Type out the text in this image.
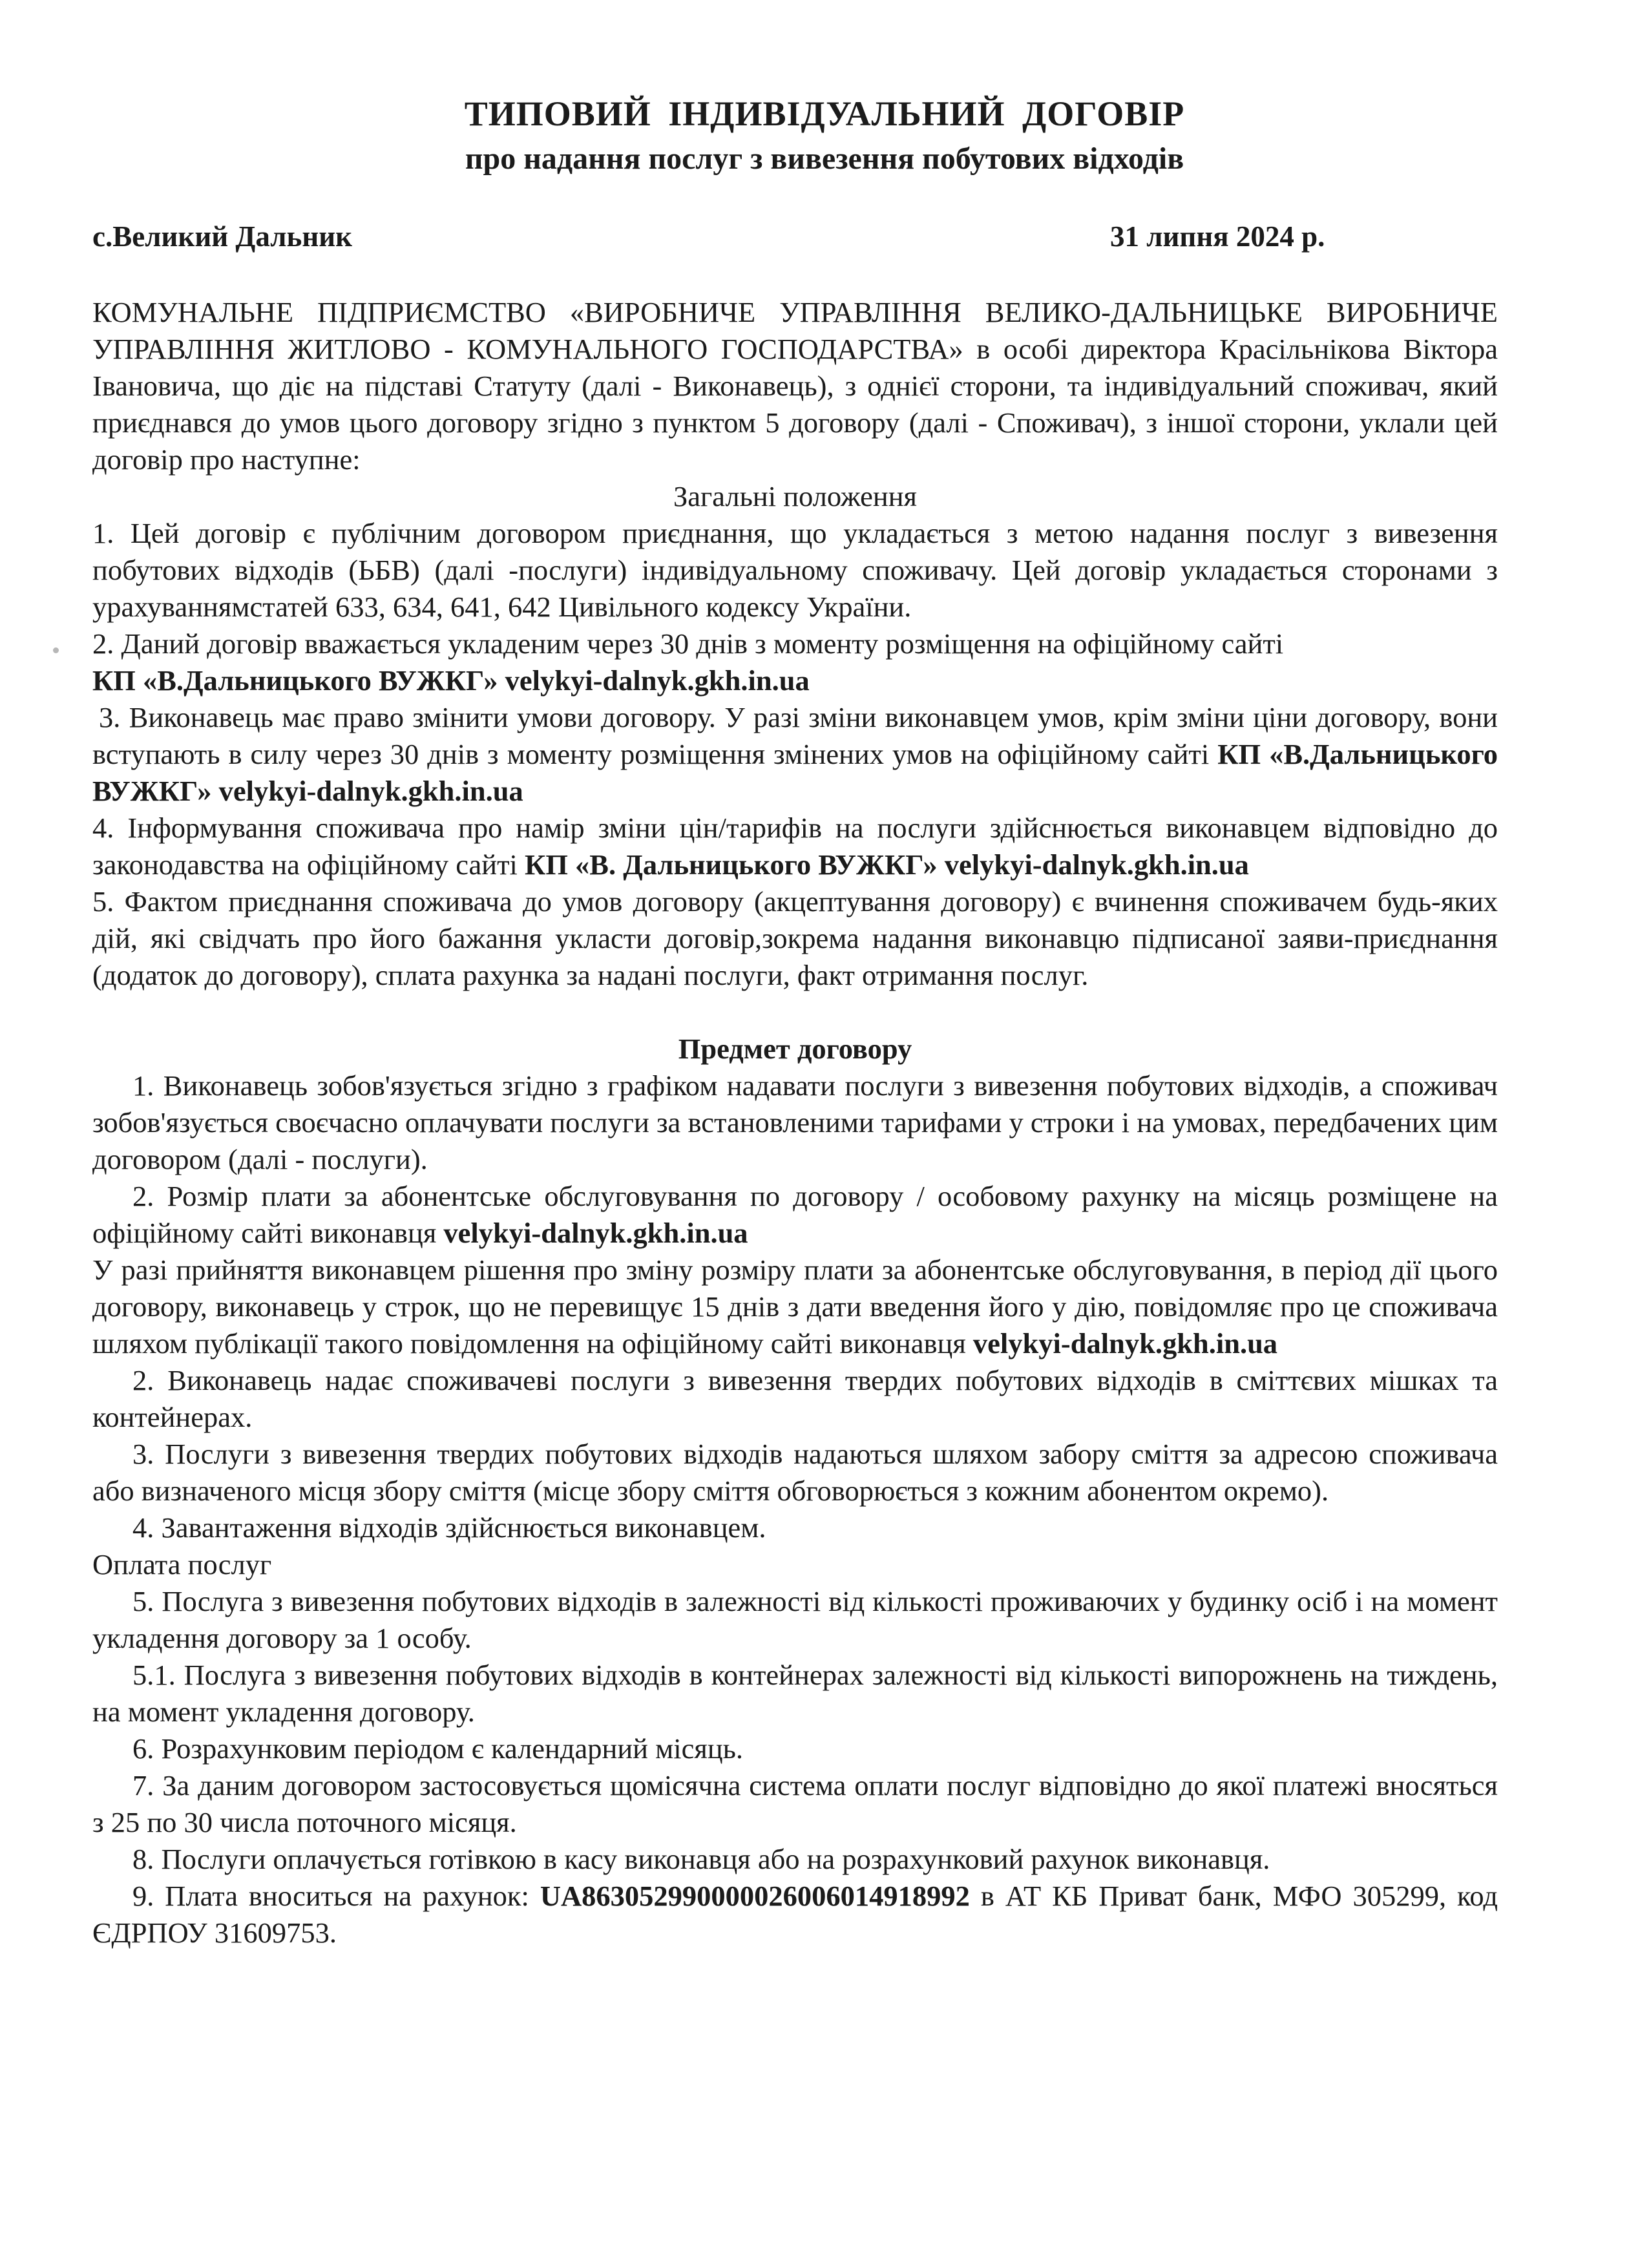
ТИПОВИЙ ІНДИВІДУАЛЬНИЙ ДОГОВІР
про надання послуг з вивезення побутових відходів
с.Великий Дальник	31 липня 2024 р.

КОМУНАЛЬНЕ ПІДПРИЄМСТВО «ВИРОБНИЧЕ УПРАВЛІННЯ ВЕЛИКО-ДАЛЬНИЦЬКЕ ВИРОБНИЧЕ УПРАВЛІННЯ ЖИТЛОВО - КОМУНАЛЬНОГО ГОСПОДАРСТВА» в особі директора Красільнікова Віктора Івановича, що діє на підставі Статуту (далі - Виконавець), з однієї сторони, та індивідуальний споживач, який приєднався до умов цього договору згідно з пунктом 5 договору (далі - Споживач), з іншої сторони, уклали цей договір про наступне:

Загальні положення

1. Цей договір є публічним договором приєднання, що укладається з метою надання послуг з вивезення побутових відходів (ЬБВ) (далі -послуги) індивідуальному споживачу. Цей договір укладається сторонами з урахуваннямстатей 633, 634, 641, 642 Цивільного кодексу України.

2. Даний договір вважається укладеним через 30 днів з моменту розміщення на офіційному сайті
КП «В.Дальницького ВУЖКГ» velykyi-dalnyk.gkh.in.ua

3. Виконавець має право змінити умови договору. У разі зміни виконавцем умов, крім зміни ціни договору, вони вступають в силу через 30 днів з моменту розміщення змінених умов на офіційному сайті КП «В.Дальницького ВУЖКГ» velykyi-dalnyk.gkh.in.ua

4. Інформування споживача про намір зміни цін/тарифів на послуги здійснюється виконавцем відповідно до законодавства на офіційному сайті КП «В. Дальницького ВУЖКГ» velykyi-dalnyk.gkh.in.ua

5. Фактом приєднання споживача до умов договору (акцептування договору) є вчинення споживачем будь-яких дій, які свідчать про його бажання укласти договір,зокрема надання виконавцю підписаної заяви-приєднання (додаток до договору), сплата рахунка за надані послуги, факт отримання послуг.

Предмет договору

1. Виконавець зобов'язується згідно з графіком надавати послуги з вивезення побутових відходів, а споживач зобов'язується своєчасно оплачувати послуги за встановленими тарифами у строки і на умовах, передбачених цим договором (далі - послуги).

2. Розмір плати за абонентське обслуговування по договору / особовому рахунку на місяць розміщене на офіційному сайті виконавця velykyi-dalnyk.gkh.in.ua

У разі прийняття виконавцем рішення про зміну розміру плати за абонентське обслуговування, в період дії цього договору, виконавець у строк, що не перевищує 15 днів з дати введення його у дію, повідомляє про це споживача шляхом публікації такого повідомлення на офіційному сайті виконавця velykyi-dalnyk.gkh.in.ua

2. Виконавець надає споживачеві послуги з вивезення твердих побутових відходів в сміттєвих мішках та контейнерах.

3. Послуги з вивезення твердих побутових відходів надаються шляхом забору сміття за адресою споживача або визначеного місця збору сміття (місце збору сміття обговорюється з кожним абонентом окремо).

4. Завантаження відходів здійснюється виконавцем.

Оплата послуг

5. Послуга з вивезення побутових відходів в залежності від кількості проживаючих у будинку осіб і на момент укладення договору за 1 особу.

5.1. Послуга з вивезення побутових відходів в контейнерах залежності від кількості випорожнень на тиждень, на момент укладення договору.

6. Розрахунковим періодом є календарний місяць.

7. За даним договором застосовується щомісячна система оплати послуг відповідно до якої платежі вносяться з 25 по 30 числа поточного місяця.

8. Послуги оплачується готівкою в касу виконавця або на розрахунковий рахунок виконавця.

9. Плата вноситься на рахунок: UA863052990000026006014918992 в АТ КБ Приват банк, МФО 305299, код ЄДРПОУ 31609753.
